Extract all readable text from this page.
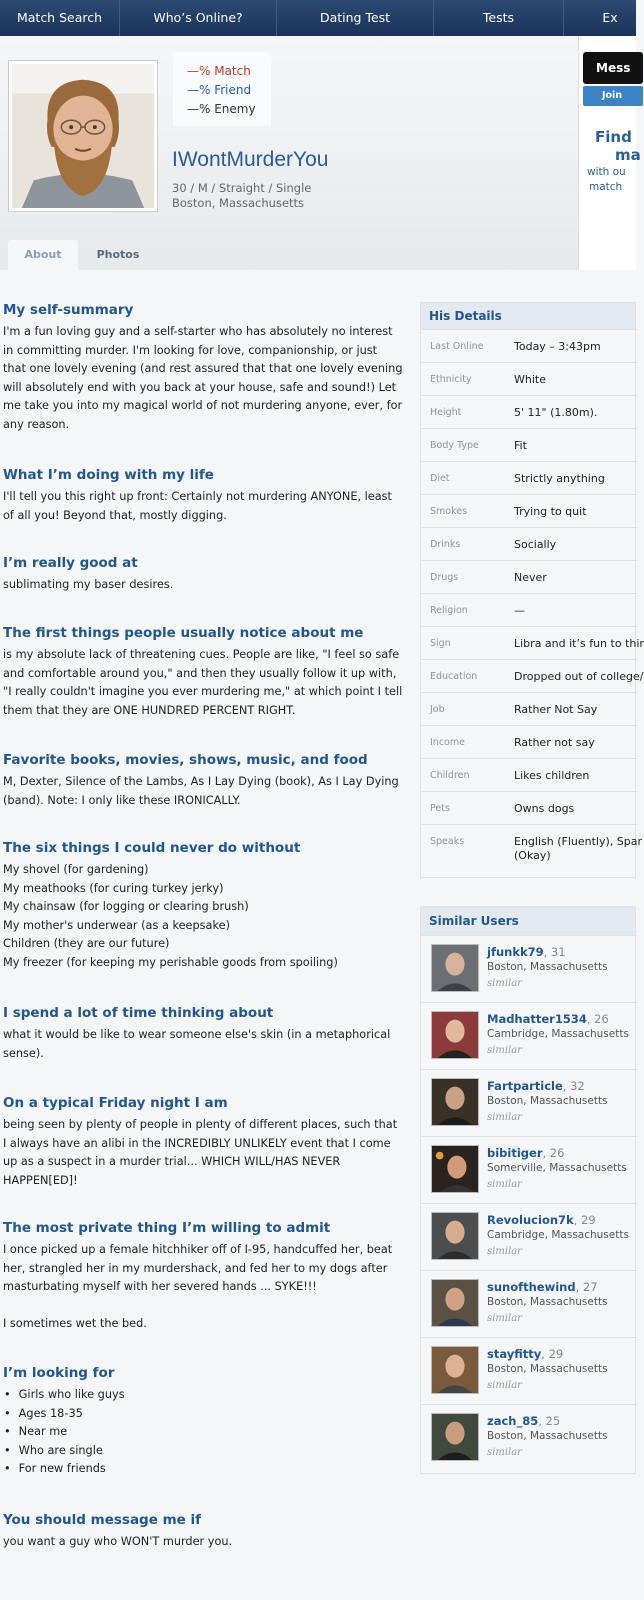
Match Search	Who’s Online?	Dating Test	Tests	Ex
—% Match
—% Friend
—% Enemy
IWontMurderYou
30 / M / Straight / Single
Boston, Massachusetts
Mess
Join
Find
ma
with ou
match
About	Photos
My self-summary
I'm a fun loving guy and a self-starter who has absolutely no interest in committing murder. I'm looking for love, companionship, or just that one lovely evening (and rest assured that that one lovely evening will absolutely end with you back at your house, safe and sound!) Let me take you into my magical world of not murdering anyone, ever, for any reason.
What I’m doing with my life
I'll tell you this right up front: Certainly not murdering ANYONE, least of all you! Beyond that, mostly digging.
I’m really good at
sublimating my baser desires.
The first things people usually notice about me
is my absolute lack of threatening cues. People are like, "I feel so safe and comfortable around you," and then they usually follow it up with, "I really couldn't imagine you ever murdering me," at which point I tell them that they are ONE HUNDRED PERCENT RIGHT.
Favorite books, movies, shows, music, and food
M, Dexter, Silence of the Lambs, As I Lay Dying (book), As I Lay Dying (band). Note: I only like these IRONICALLY.
The six things I could never do without
My shovel (for gardening)
My meathooks (for curing turkey jerky)
My chainsaw (for logging or clearing brush)
My mother's underwear (as a keepsake)
Children (they are our future)
My freezer (for keeping my perishable goods from spoiling)
I spend a lot of time thinking about
what it would be like to wear someone else's skin (in a metaphorical sense).
On a typical Friday night I am
being seen by plenty of people in plenty of different places, such that I always have an alibi in the INCREDIBLY UNLIKELY event that I come up as a suspect in a murder trial... WHICH WILL/HAS NEVER HAPPEN[ED]!
The most private thing I’m willing to admit
I once picked up a female hitchhiker off of I-95, handcuffed her, beat her, strangled her in my murdershack, and fed her to my dogs after masturbating myself with her severed hands ... SYKE!!!
I sometimes wet the bed.
I’m looking for
• Girls who like guys
• Ages 18-35
• Near me
• Who are single
• For new friends
You should message me if
you want a guy who WON'T murder you.
His Details
Last Online	Today – 3:43pm
Ethnicity	White
Height	5' 11" (1.80m).
Body Type	Fit
Diet	Strictly anything
Smokes	Trying to quit
Drinks	Socially
Drugs	Never
Religion	—
Sign	Libra and it’s fun to thir
Education	Dropped out of college/
Job	Rather Not Say
Income	Rather not say
Children	Likes children
Pets	Owns dogs
Speaks	English (Fluently), Spar
(Okay)
Similar Users
jfunkk79, 31
Boston, Massachusetts
similar
Madhatter1534, 26
Cambridge, Massachusetts
similar
Fartparticle, 32
Boston, Massachusetts
similar
bibitiger, 26
Somerville, Massachusetts
similar
Revolucion7k, 29
Cambridge, Massachusetts
similar
sunofthewind, 27
Boston, Massachusetts
similar
stayfitty, 29
Boston, Massachusetts
similar
zach_85, 25
Boston, Massachusetts
similar
